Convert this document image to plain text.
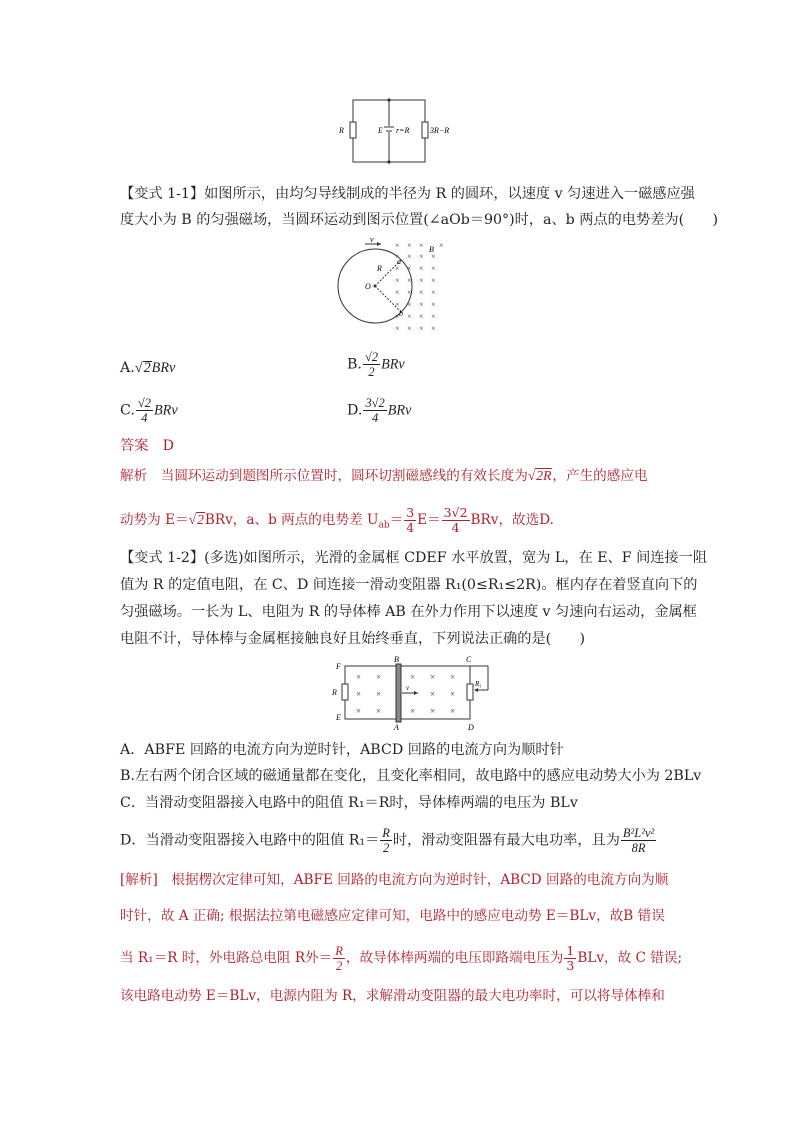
R	E r=R	3R−R
【变式 1-1】如图所示，由均匀导线制成的半径为 R 的圆环，以速度 v 匀速进入一磁感应强
度大小为 B 的匀强磁场，当圆环运动到图示位置(∠aOb＝90°)时，a、b 两点的电势差为(　　)
v
R
O
a
b
B
× × × ×
× × × ×
× × × ×
× × × ×
× × × ×
× × × ×
× × × ×
× × × ×
A.√2BRv	B. $\frac{√2}{2}$ BRv
C. $\frac{√2}{4}$ BRv	D. $\frac{3√2}{4}$ BRv
答案　D
解析　当圆环运动到题图所示位置时，圆环切割磁感线的有效长度为√2R，产生的感应电
动势为 E＝√2BRv，a、b 两点的电势差 $U_{ab}= \frac{3}{4} E= \frac{3√2}{4}$ BRv，故选D.
【变式 1-2】(多选)如图所示，光滑的金属框 CDEF 水平放置，宽为 L，在 E、F 间连接一阻
值为 R 的定值电阻，在 C、D 间连接一滑动变阻器 R₁(0≤R₁≤2R)。框内存在着竖直向下的
匀强磁场。一长为 L、电阻为 R 的导体棒 AB 在外力作用下以速度 v 匀速向右运动，金属框
电阻不计，导体棒与金属框接触良好且始终垂直，下列说法正确的是(　　)
F
B	C
R
R₁
E
A	D
v
× ×	× × ×
× ×	× ×
× ×	× × ×
A．ABFE 回路的电流方向为逆时针，ABCD 回路的电流方向为顺时针
B.左右两个闭合区域的磁通量都在变化，且变化率相同，故电路中的感应电动势大小为 2BLv
C．当滑动变阻器接入电路中的阻值 R₁＝R时，导体棒两端的电压为 BLv
D．当滑动变阻器接入电路中的阻值 $R_1= \frac{R}{2}$ 时，滑动变阻器有最大电功率，且为 $\frac{\text{B²L²v²}}{8R}$
[解析]　根据楞次定律可知，ABFE 回路的电流方向为逆时针，ABCD 回路的电流方向为顺
时针，故 A 正确; 根据法拉第电磁感应定律可知，电路中的感应电动势 E＝BLv，故B 错误
当 R₁＝R 时，外电路总电阻 R外＝ $\frac{R}{2}$ ，故导体棒两端的电压即路端电压为 $\frac{1}{3}$ BLv，故 C 错误;
该电路电动势 E＝BLv，电源内阻为 R，求解滑动变阻器的最大电功率时，可以将导体棒和
